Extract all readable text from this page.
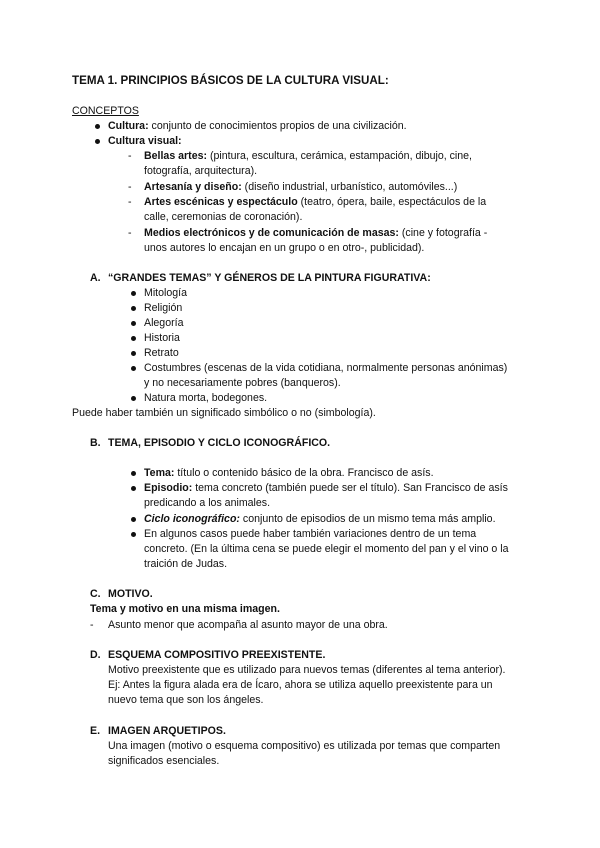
TEMA 1. PRINCIPIOS BÁSICOS DE LA CULTURA VISUAL:
CONCEPTOS
Cultura: conjunto de conocimientos propios de una civilización.
Cultura visual:
- Bellas artes: (pintura, escultura, cerámica, estampación, dibujo, cine,
fotografía, arquitectura).
- Artesanía y diseño: (diseño industrial, urbanístico, automóviles...)
- Artes escénicas y espectáculo (teatro, ópera, baile, espectáculos de la
calle, ceremonias de coronación).
- Medios electrónicos y de comunicación de masas: (cine y fotografía -
unos autores lo encajan en un grupo o en otro-, publicidad).
A. “GRANDES TEMAS” Y GÉNEROS DE LA PINTURA FIGURATIVA:
Mitología
Religión
Alegoría
Historia
Retrato
Costumbres (escenas de la vida cotidiana, normalmente personas anónimas)
y no necesariamente pobres (banqueros).
Natura morta, bodegones.
Puede haber también un significado simbólico o no (simbología).
B. TEMA, EPISODIO Y CICLO ICONOGRÁFICO.
Tema: título o contenido básico de la obra. Francisco de asís.
Episodio: tema concreto (también puede ser el título). San Francisco de asís
predicando a los animales.
Ciclo iconográfico: conjunto de episodios de un mismo tema más amplio.
En algunos casos puede haber también variaciones dentro de un tema
concreto. (En la última cena se puede elegir el momento del pan y el vino o la
traición de Judas.
C. MOTIVO.
Tema y motivo en una misma imagen.
- Asunto menor que acompaña al asunto mayor de una obra.
D. ESQUEMA COMPOSITIVO PREEXISTENTE.
Motivo preexistente que es utilizado para nuevos temas (diferentes al tema anterior).
Ej: Antes la figura alada era de Ícaro, ahora se utiliza aquello preexistente para un
nuevo tema que son los ángeles.
E. IMAGEN ARQUETIPOS.
Una imagen (motivo o esquema compositivo) es utilizada por temas que comparten
significados esenciales.
